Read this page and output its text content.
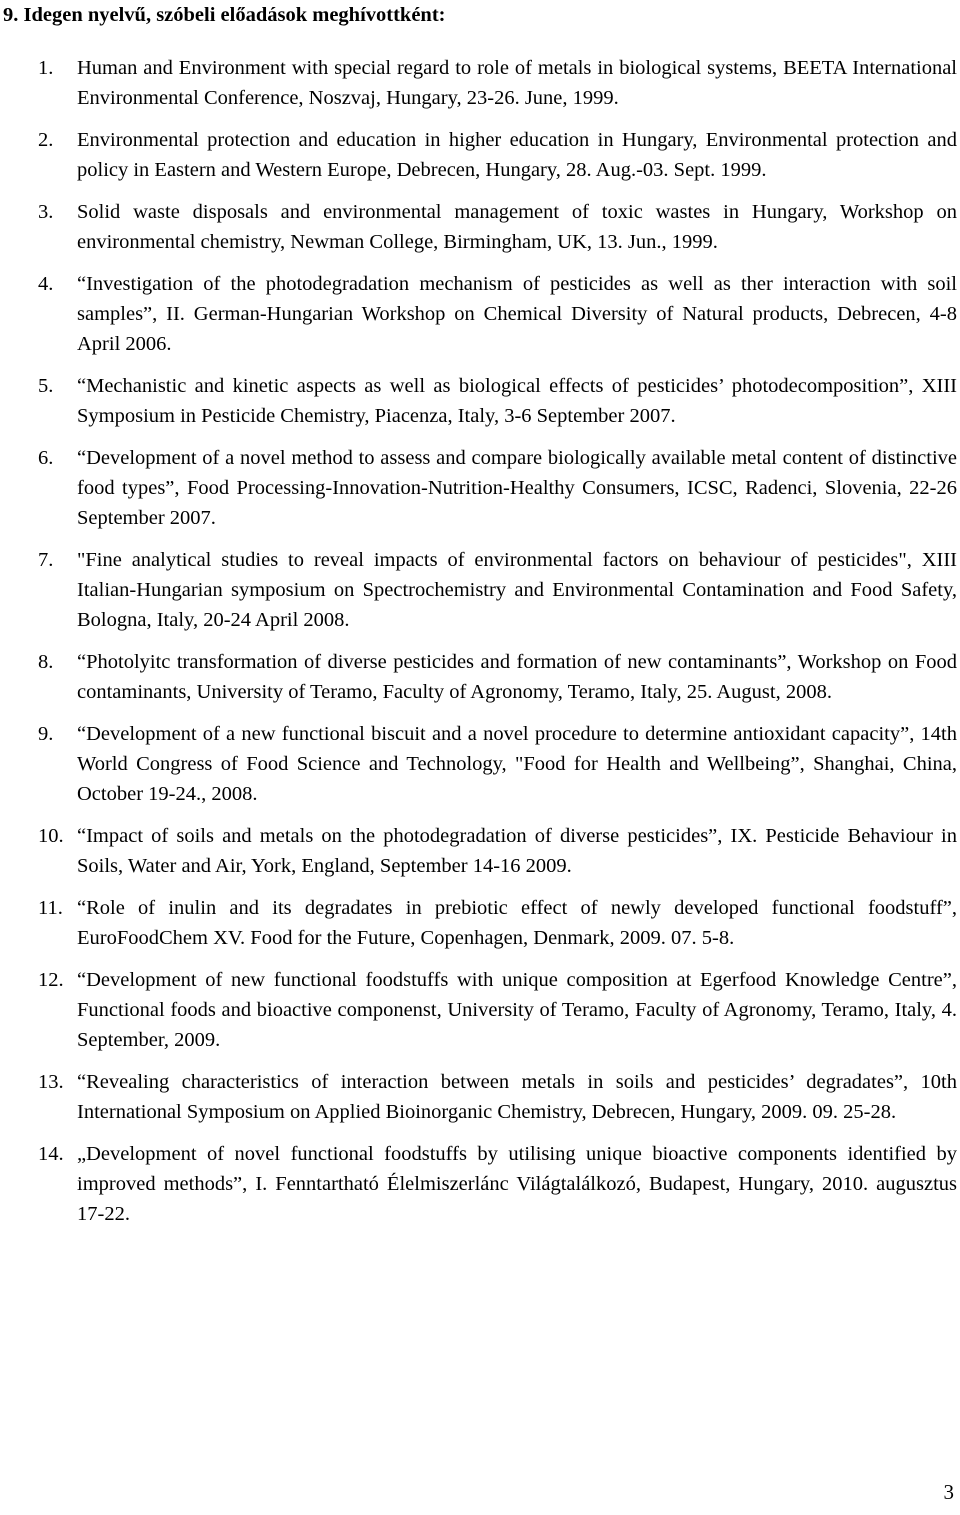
9. Idegen nyelvű, szóbeli előadások meghívottként:
1. Human and Environment with special regard to role of metals in biological systems, BEETA International Environmental Conference, Noszvaj, Hungary, 23-26. June, 1999.
2. Environmental protection and education in higher education in Hungary, Environmental protection and policy in Eastern and Western Europe, Debrecen, Hungary, 28. Aug.-03. Sept. 1999.
3. Solid waste disposals and environmental management of toxic wastes in Hungary, Workshop on environmental chemistry, Newman College, Birmingham, UK, 13. Jun., 1999.
4. “Investigation of the photodegradation mechanism of pesticides as well as ther interaction with soil samples”, II. German-Hungarian Workshop on Chemical Diversity of Natural products, Debrecen, 4-8 April 2006.
5. “Mechanistic and kinetic aspects as well as biological effects of pesticides’ photodecomposition”, XIII Symposium in Pesticide Chemistry, Piacenza, Italy, 3-6 September 2007.
6. “Development of a novel method to assess and compare biologically available metal content of distinctive food types”, Food Processing-Innovation-Nutrition-Healthy Consumers, ICSC, Radenci, Slovenia, 22-26 September 2007.
7. "Fine analytical studies to reveal impacts of environmental factors on behaviour of pesticides", XIII Italian-Hungarian symposium on Spectrochemistry and Environmental Contamination and Food Safety, Bologna, Italy, 20-24 April 2008.
8. “Photolyitc transformation of diverse pesticides and formation of new contaminants”, Workshop on Food contaminants, University of Teramo, Faculty of Agronomy, Teramo, Italy, 25. August, 2008.
9. “Development of a new functional biscuit and a novel procedure to determine antioxidant capacity”, 14th World Congress of Food Science and Technology, "Food for Health and Wellbeing”, Shanghai, China, October 19-24., 2008.
10. “Impact of soils and metals on the photodegradation of diverse pesticides”, IX. Pesticide Behaviour in Soils, Water and Air, York, England, September 14-16 2009.
11. “Role of inulin and its degradates in prebiotic effect of newly developed functional foodstuff”, EuroFoodChem XV. Food for the Future, Copenhagen, Denmark, 2009. 07. 5-8.
12. “Development of new functional foodstuffs with unique composition at Egerfood Knowledge Centre”, Functional foods and bioactive componenst, University of Teramo, Faculty of Agronomy, Teramo, Italy, 4. September, 2009.
13. “Revealing characteristics of interaction between metals in soils and pesticides’ degradates”, 10th International Symposium on Applied Bioinorganic Chemistry, Debrecen, Hungary, 2009. 09. 25-28.
14. „Development of novel functional foodstuffs by utilising unique bioactive components identified by improved methods”, I. Fenntartható Élelmiszerlánc Világtalálkozó, Budapest, Hungary, 2010. augusztus 17-22.
3
